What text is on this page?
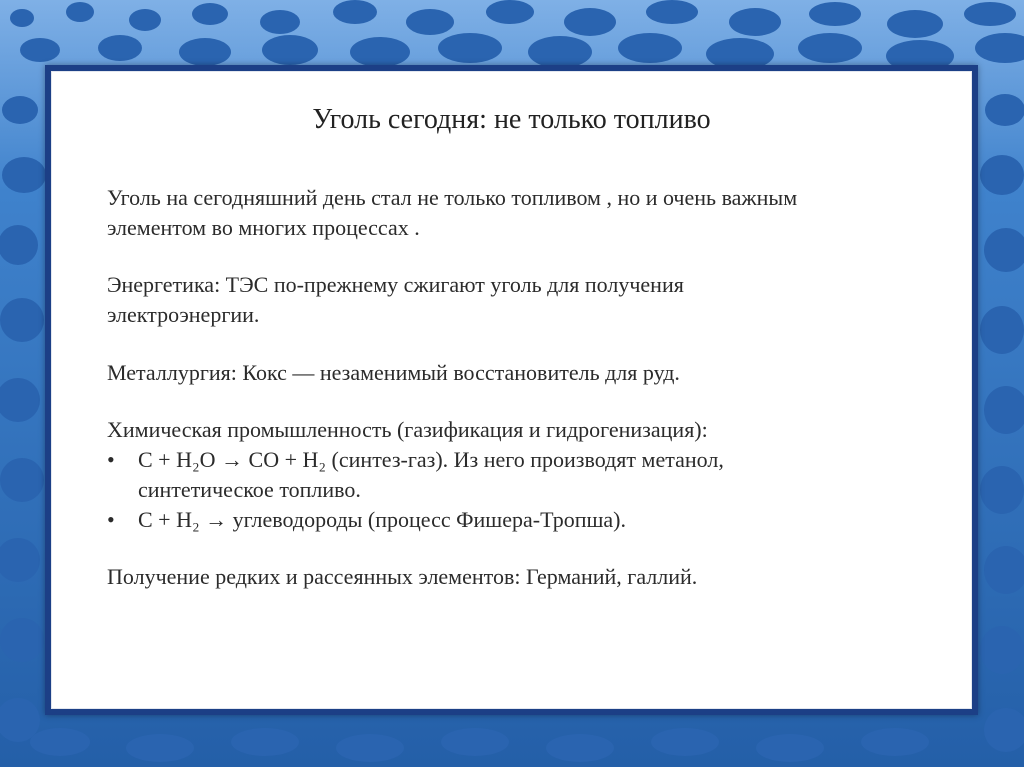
Уголь сегодня: не только топливо

Уголь на сегодняшний день стал не только топливом , но и очень важным

элементом во многих процессах .

Энергетика: ТЭС по-прежнему сжигают уголь для получения

электроэнергии.

Металлургия: Кокс — незаменимый восстановитель для руд.

Химическая промышленность (газификация и гидрогенизация):

• C + H₂O → CO + H₂ (синтез-газ). Из него производят метанол,
синтетическое топливо.
• C + H₂ → углеводороды (процесс Фишера-Тропша).

Получение редких и рассеянных элементов: Германий, галлий.
